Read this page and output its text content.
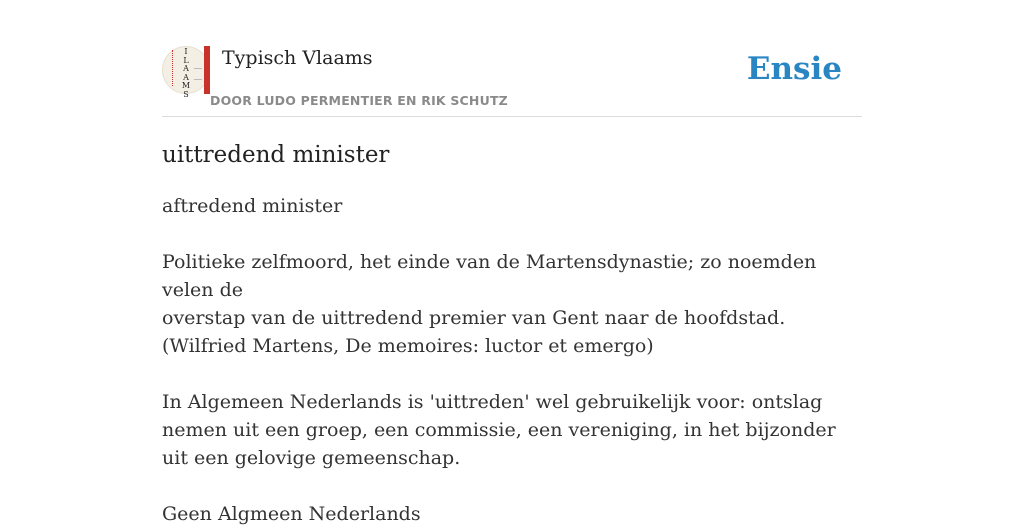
I
L
A
A
M
S
Typisch Vlaams
DOOR LUDO PERMENTIER EN RIK SCHUTZ
Ensie
uittredend minister

aftredend minister

Politieke zelfmoord, het einde van de Martensdynastie; zo noemden velen de

overstap van de uittredend premier van Gent naar de hoofdstad.

(Wilfried Martens, De memoires: luctor et emergo)

In Algemeen Nederlands is 'uittreden' wel gebruikelijk voor: ontslag nemen uit een groep, een commissie, een vereniging, in het bijzonder uit een gelovige gemeenschap.

Geen Algmeen Nederlands
